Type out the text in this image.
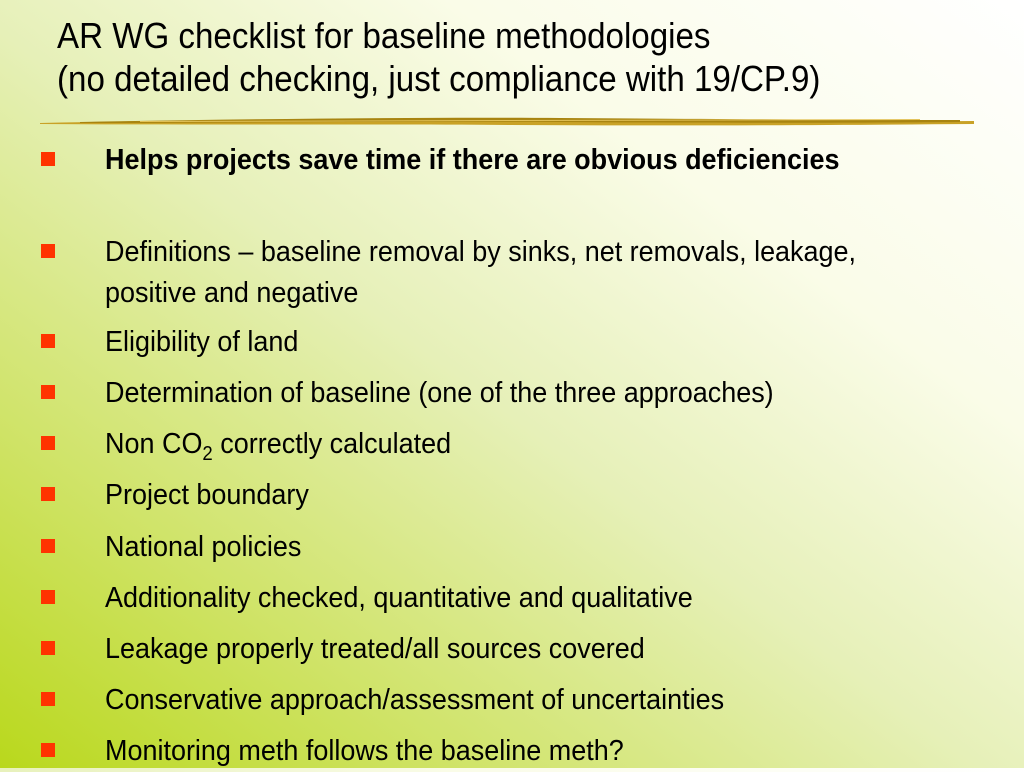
AR WG checklist for baseline methodologies
(no detailed checking, just compliance with 19/CP.9)
Helps projects save time if there are obvious deficiencies
Definitions – baseline removal by sinks, net removals, leakage, positive and negative
Eligibility of land
Determination of baseline (one of the three approaches)
Non $CO_2$ correctly calculated
Project boundary
National policies
Additionality checked, quantitative and qualitative
Leakage properly treated/all sources covered
Conservative approach/assessment of uncertainties
Monitoring meth follows the baseline meth?
